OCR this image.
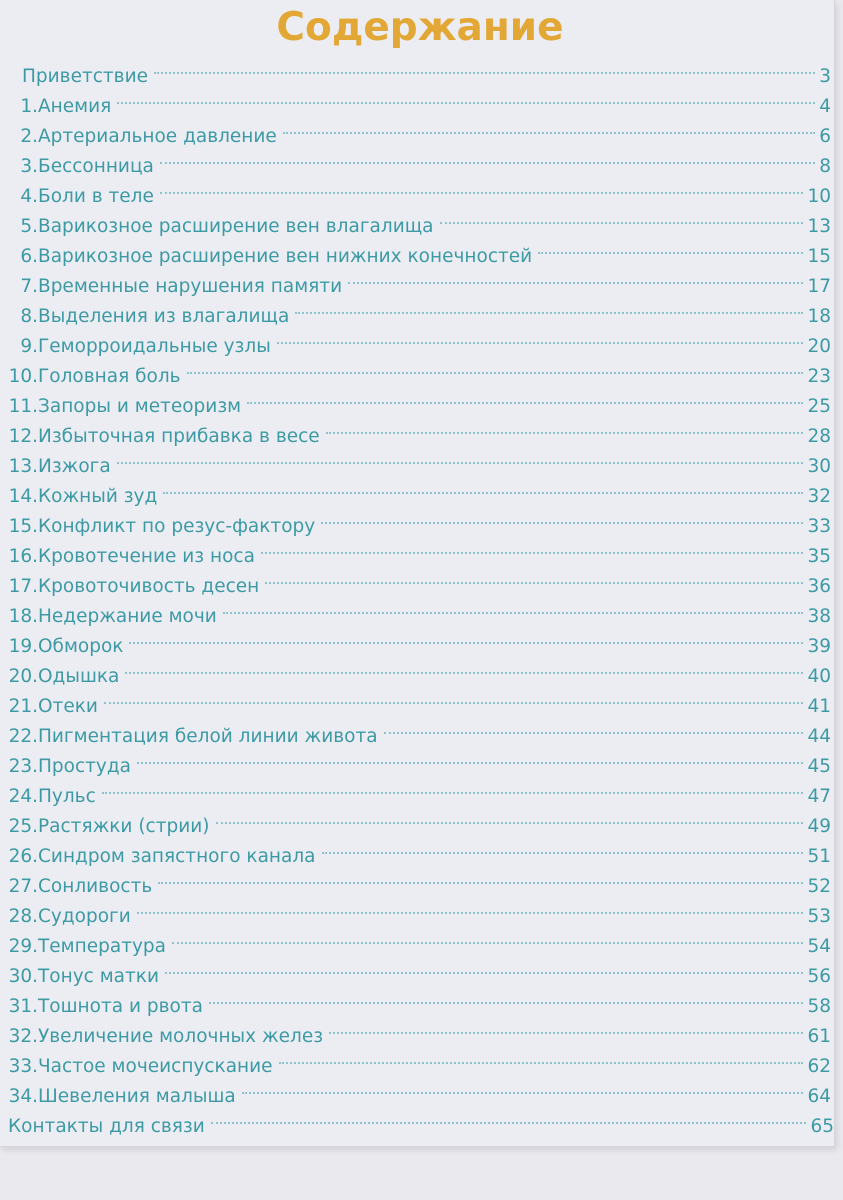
Содержание
Приветствие	3
1. Анемия	4
2. Артериальное давление	6
3. Бессонница	8
4. Боли в теле	10
5. Варикозное расширение вен влагалища	13
6. Варикозное расширение вен нижних конечностей	15
7. Временные нарушения памяти	17
8. Выделения из влагалища	18
9. Геморроидальные узлы	20
10. Головная боль	23
11. Запоры и метеоризм	25
12. Избыточная прибавка в весе	28
13. Изжога	30
14. Кожный зуд	32
15. Конфликт по резус-фактору	33
16. Кровотечение из носа	35
17. Кровоточивость десен	36
18. Недержание мочи	38
19. Обморок	39
20. Одышка	40
21. Отеки	41
22. Пигментация белой линии живота	44
23. Простуда	45
24. Пульс	47
25. Растяжки (стрии)	49
26. Синдром запястного канала	51
27. Сонливость	52
28. Судороги	53
29. Температура	54
30. Тонус матки	56
31. Тошнота и рвота	58
32. Увеличение молочных желез	61
33. Частое мочеиспускание	62
34. Шевеления малыша	64
Контакты для связи	65
